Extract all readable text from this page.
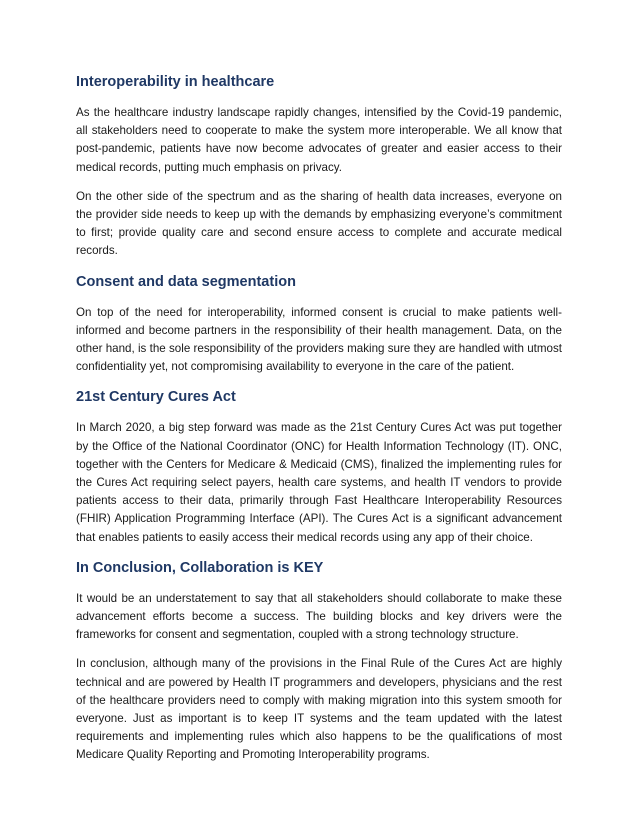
Interoperability in healthcare

As the healthcare industry landscape rapidly changes, intensified by the Covid-19 pandemic, all stakeholders need to cooperate to make the system more interoperable. We all know that post-pandemic, patients have now become advocates of greater and easier access to their medical records, putting much emphasis on privacy.

On the other side of the spectrum and as the sharing of health data increases, everyone on the provider side needs to keep up with the demands by emphasizing everyone’s commitment to first; provide quality care and second ensure access to complete and accurate medical records.

Consent and data segmentation

On top of the need for interoperability, informed consent is crucial to make patients well-informed and become partners in the responsibility of their health management. Data, on the other hand, is the sole responsibility of the providers making sure they are handled with utmost confidentiality yet, not compromising availability to everyone in the care of the patient.

21st Century Cures Act

In March 2020, a big step forward was made as the 21st Century Cures Act was put together by the Office of the National Coordinator (ONC) for Health Information Technology (IT). ONC, together with the Centers for Medicare & Medicaid (CMS), finalized the implementing rules for the Cures Act requiring select payers, health care systems, and health IT vendors to provide patients access to their data, primarily through Fast Healthcare Interoperability Resources (FHIR) Application Programming Interface (API). The Cures Act is a significant advancement that enables patients to easily access their medical records using any app of their choice.

In Conclusion, Collaboration is KEY

It would be an understatement to say that all stakeholders should collaborate to make these advancement efforts become a success. The building blocks and key drivers were the frameworks for consent and segmentation, coupled with a strong technology structure.

In conclusion, although many of the provisions in the Final Rule of the Cures Act are highly technical and are powered by Health IT programmers and developers, physicians and the rest of the healthcare providers need to comply with making migration into this system smooth for everyone. Just as important is to keep IT systems and the team updated with the latest requirements and implementing rules which also happens to be the qualifications of most Medicare Quality Reporting and Promoting Interoperability programs.
